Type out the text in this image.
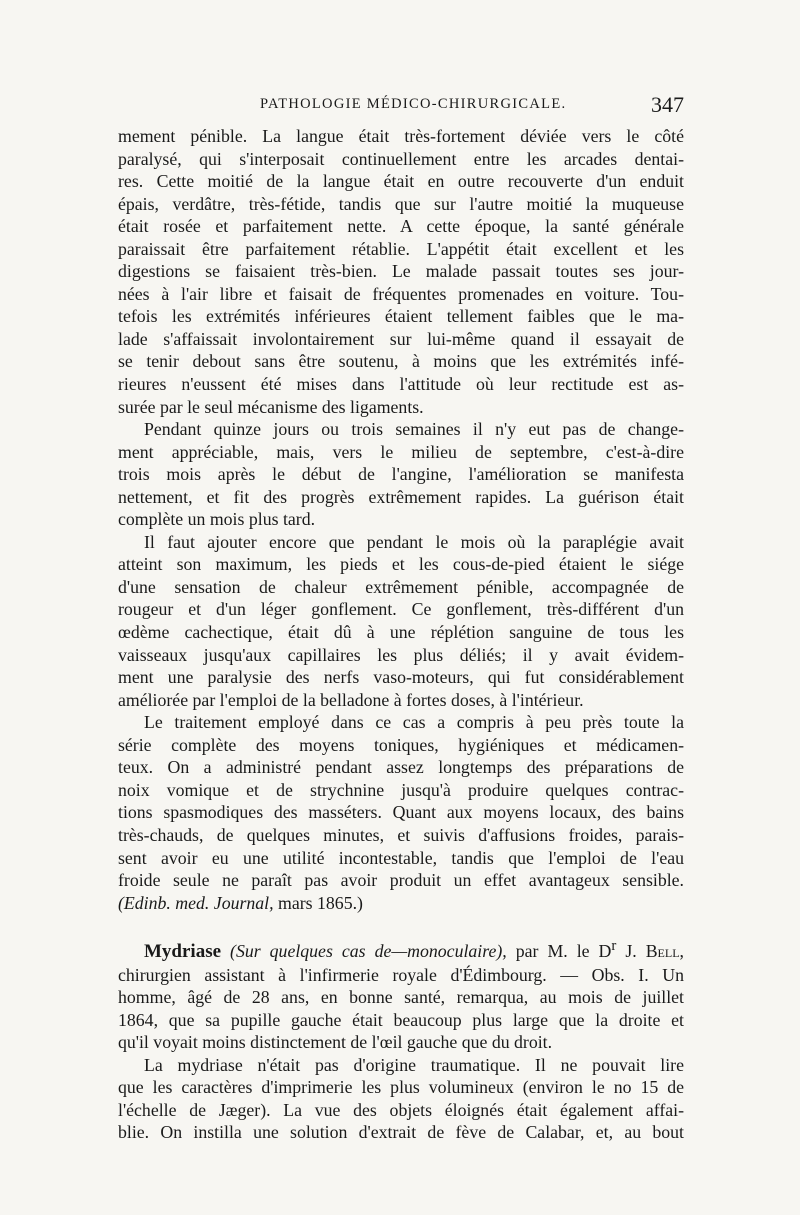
PATHOLOGIE MÉDICO-CHIRURGICALE.	347
mement pénible. La langue était très-fortement déviée vers le côté
paralysé, qui s'interposait continuellement entre les arcades dentai-
res. Cette moitié de la langue était en outre recouverte d'un enduit
épais, verdâtre, très-fétide, tandis que sur l'autre moitié la muqueuse
était rosée et parfaitement nette. A cette époque, la santé générale
paraissait être parfaitement rétablie. L'appétit était excellent et les
digestions se faisaient très-bien. Le malade passait toutes ses jour-
nées à l'air libre et faisait de fréquentes promenades en voiture. Tou-
tefois les extrémités inférieures étaient tellement faibles que le ma-
lade s'affaissait involontairement sur lui-même quand il essayait de
se tenir debout sans être soutenu, à moins que les extrémités infé-
rieures n'eussent été mises dans l'attitude où leur rectitude est as-
surée par le seul mécanisme des ligaments.
Pendant quinze jours ou trois semaines il n'y eut pas de change-
ment appréciable, mais, vers le milieu de septembre, c'est-à-dire
trois mois après le début de l'angine, l'amélioration se manifesta
nettement, et fit des progrès extrêmement rapides. La guérison était
complète un mois plus tard.
Il faut ajouter encore que pendant le mois où la paraplégie avait
atteint son maximum, les pieds et les cous-de-pied étaient le siége
d'une sensation de chaleur extrêmement pénible, accompagnée de
rougeur et d'un léger gonflement. Ce gonflement, très-différent d'un
œdème cachectique, était dû à une réplétion sanguine de tous les
vaisseaux jusqu'aux capillaires les plus déliés; il y avait évidem-
ment une paralysie des nerfs vaso-moteurs, qui fut considérablement
améliorée par l'emploi de la belladone à fortes doses, à l'intérieur.
Le traitement employé dans ce cas a compris à peu près toute la
série complète des moyens toniques, hygiéniques et médicamen-
teux. On a administré pendant assez longtemps des préparations de
noix vomique et de strychnine jusqu'à produire quelques contrac-
tions spasmodiques des masséters. Quant aux moyens locaux, des bains
très-chauds, de quelques minutes, et suivis d'affusions froides, parais-
sent avoir eu une utilité incontestable, tandis que l'emploi de l'eau
froide seule ne paraît pas avoir produit un effet avantageux sensible.
(Edinb. med. Journal, mars 1865.)
Mydriase (Sur quelques cas de—monoculaire), par M. le $D^r$ J. Bell,
chirurgien assistant à l'infirmerie royale d'Édimbourg. — Obs. I. Un
homme, âgé de 28 ans, en bonne santé, remarqua, au mois de juillet
1864, que sa pupille gauche était beaucoup plus large que la droite et
qu'il voyait moins distinctement de l'œil gauche que du droit.
La mydriase n'était pas d'origine traumatique. Il ne pouvait lire
que les caractères d'imprimerie les plus volumineux (environ le no 15 de
l'échelle de Jæger). La vue des objets éloignés était également affai-
blie. On instilla une solution d'extrait de fève de Calabar, et, au bout
